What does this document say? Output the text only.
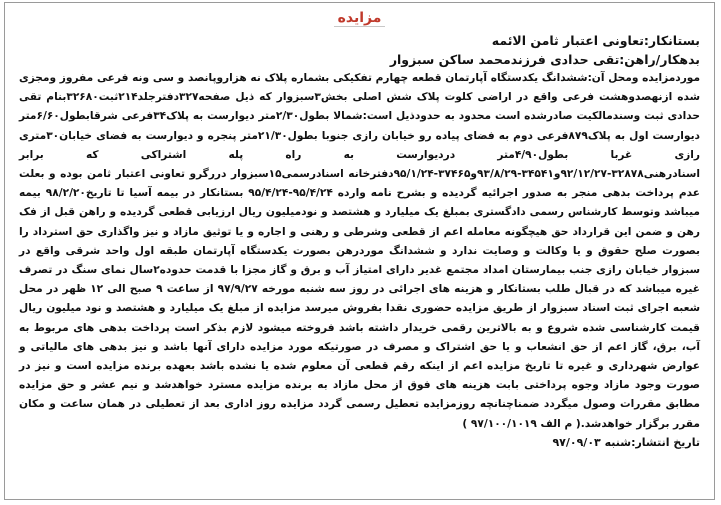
مزایده
بستانکار:تعاونی اعتبار ثامن الائمه
بدهکار/راهن:تقی حدادی فرزندمحمد ساکن سبزوار
موردمزایده ومحل آن:ششدانگ یکدستگاه آپارتمان قطعه چهارم تفکیکی بشماره پلاک نه هزاروپانصد و سی ونه فرعی مفروز ومجزی شده ازنهصدوهشت فرعی واقع در اراضی کلوت پلاک شش اصلی بخش۳سبزوار که ذیل صفحه۳۲۷دفترجلد۲۱۴ثبت۳۲۶۸۰بنام تقی حدادی ثبت وسندمالکیت صادرشده است محدود به حدودذیل است:شمالا بطول۲/۳۰متر دیوارست به پلاک۳۴فرعی شرقابطول۶/۶۰متر دیوارست اول به پلاک۸۷۹فرعی دوم به فضای پیاده رو خیابان رازی جنوبا بطول۲۱/۳۰متر پنجره و دیوارست به فضای خیابان۳۰متری رازی غربا بطول۴/۹۰متر دردیوارست به راه پله اشتراکی که برابر اسنادرهنی۳۲۸۷۸-۹۲/۱۲/۲۷و۳۴۵۴۱-۹۳/۸/۲۹و۳۷۴۶۵-۹۵/۱/۲۴دفترخانه اسنادرسمی۱۵سبزوار دررگرو تعاونی اعتبار ثامن بوده و بعلت عدم پرداخت بدهی منجر به صدور اجرائیه گردیده و بشرح نامه وارده ۹۵/۴/۲۴-۹۵/۴/۲۴ بستانکار در بیمه آسیا تا تاریخ۹۸/۲/۲۰ بیمه میباشد وتوسط کارشناس رسمی دادگستری بمبلغ یک میلیارد و هشتصد و نودمیلیون ریال ارزیابی قطعی گردیده و راهن قبل از فک رهن و ضمن این قرارداد حق هیچگونه معامله اعم از قطعی وشرطی و رهنی و اجاره و یا توثیق مازاد و نیز واگذاری حق استرداد را بصورت صلح حقوق و یا وکالت و وصایت ندارد و ششدانگ موردرهن بصورت یکدستگاه آپارتمان طبقه اول واحد شرقی واقع در سبزوار خیابان رازی جنب بیمارستان امداد مجتمع غدیر دارای امتیاز آب و برق و گاز مجزا با قدمت حدوده۲سال نمای سنگ در تصرف غیره میباشد که در قبال طلب بستانکار و هزینه های اجرائی در روز سه شنبه مورخه ۹۷/۹/۲۷ از ساعت ۹ صبح الی ۱۲ ظهر در محل شعبه اجرای ثبت اسناد سبزوار از طریق مزایده حضوری نقدا بفروش میرسد مزایده از مبلغ یک میلیارد و هشتصد و نود میلیون ریال قیمت کارشناسی شده شروع و به بالاترین رقمی خریدار داشته باشد فروخته میشود لازم بذکر است پرداخت بدهی های مربوط به آب، برق، گاز اعم از حق انشعاب و یا حق اشتراک و مصرف در صورتیکه مورد مزایده دارای آنها باشد و نیز بدهی های مالیاتی و عوارض شهرداری و غیره تا تاریخ مزایده اعم از اینکه رقم قطعی آن معلوم شده یا نشده باشد بعهده برنده مزایده است و نیز در صورت وجود مازاد وجوه پرداختی بابت هزینه های فوق از محل مازاد به برنده مزایده مسترد خواهدشد و نیم عشر و حق مزایده مطابق مقررات وصول میگردد ضمناچنانچه روزمزایده تعطیل رسمی گردد مزایده روز اداری بعد از تعطیلی در همان ساعت و مکان مقرر برگزار خواهدشد.( م الف ۹۷/۱۰۰/۱۰۱۹ )
تاریخ انتشار:شنبه ۹۷/۰۹/۰۳
